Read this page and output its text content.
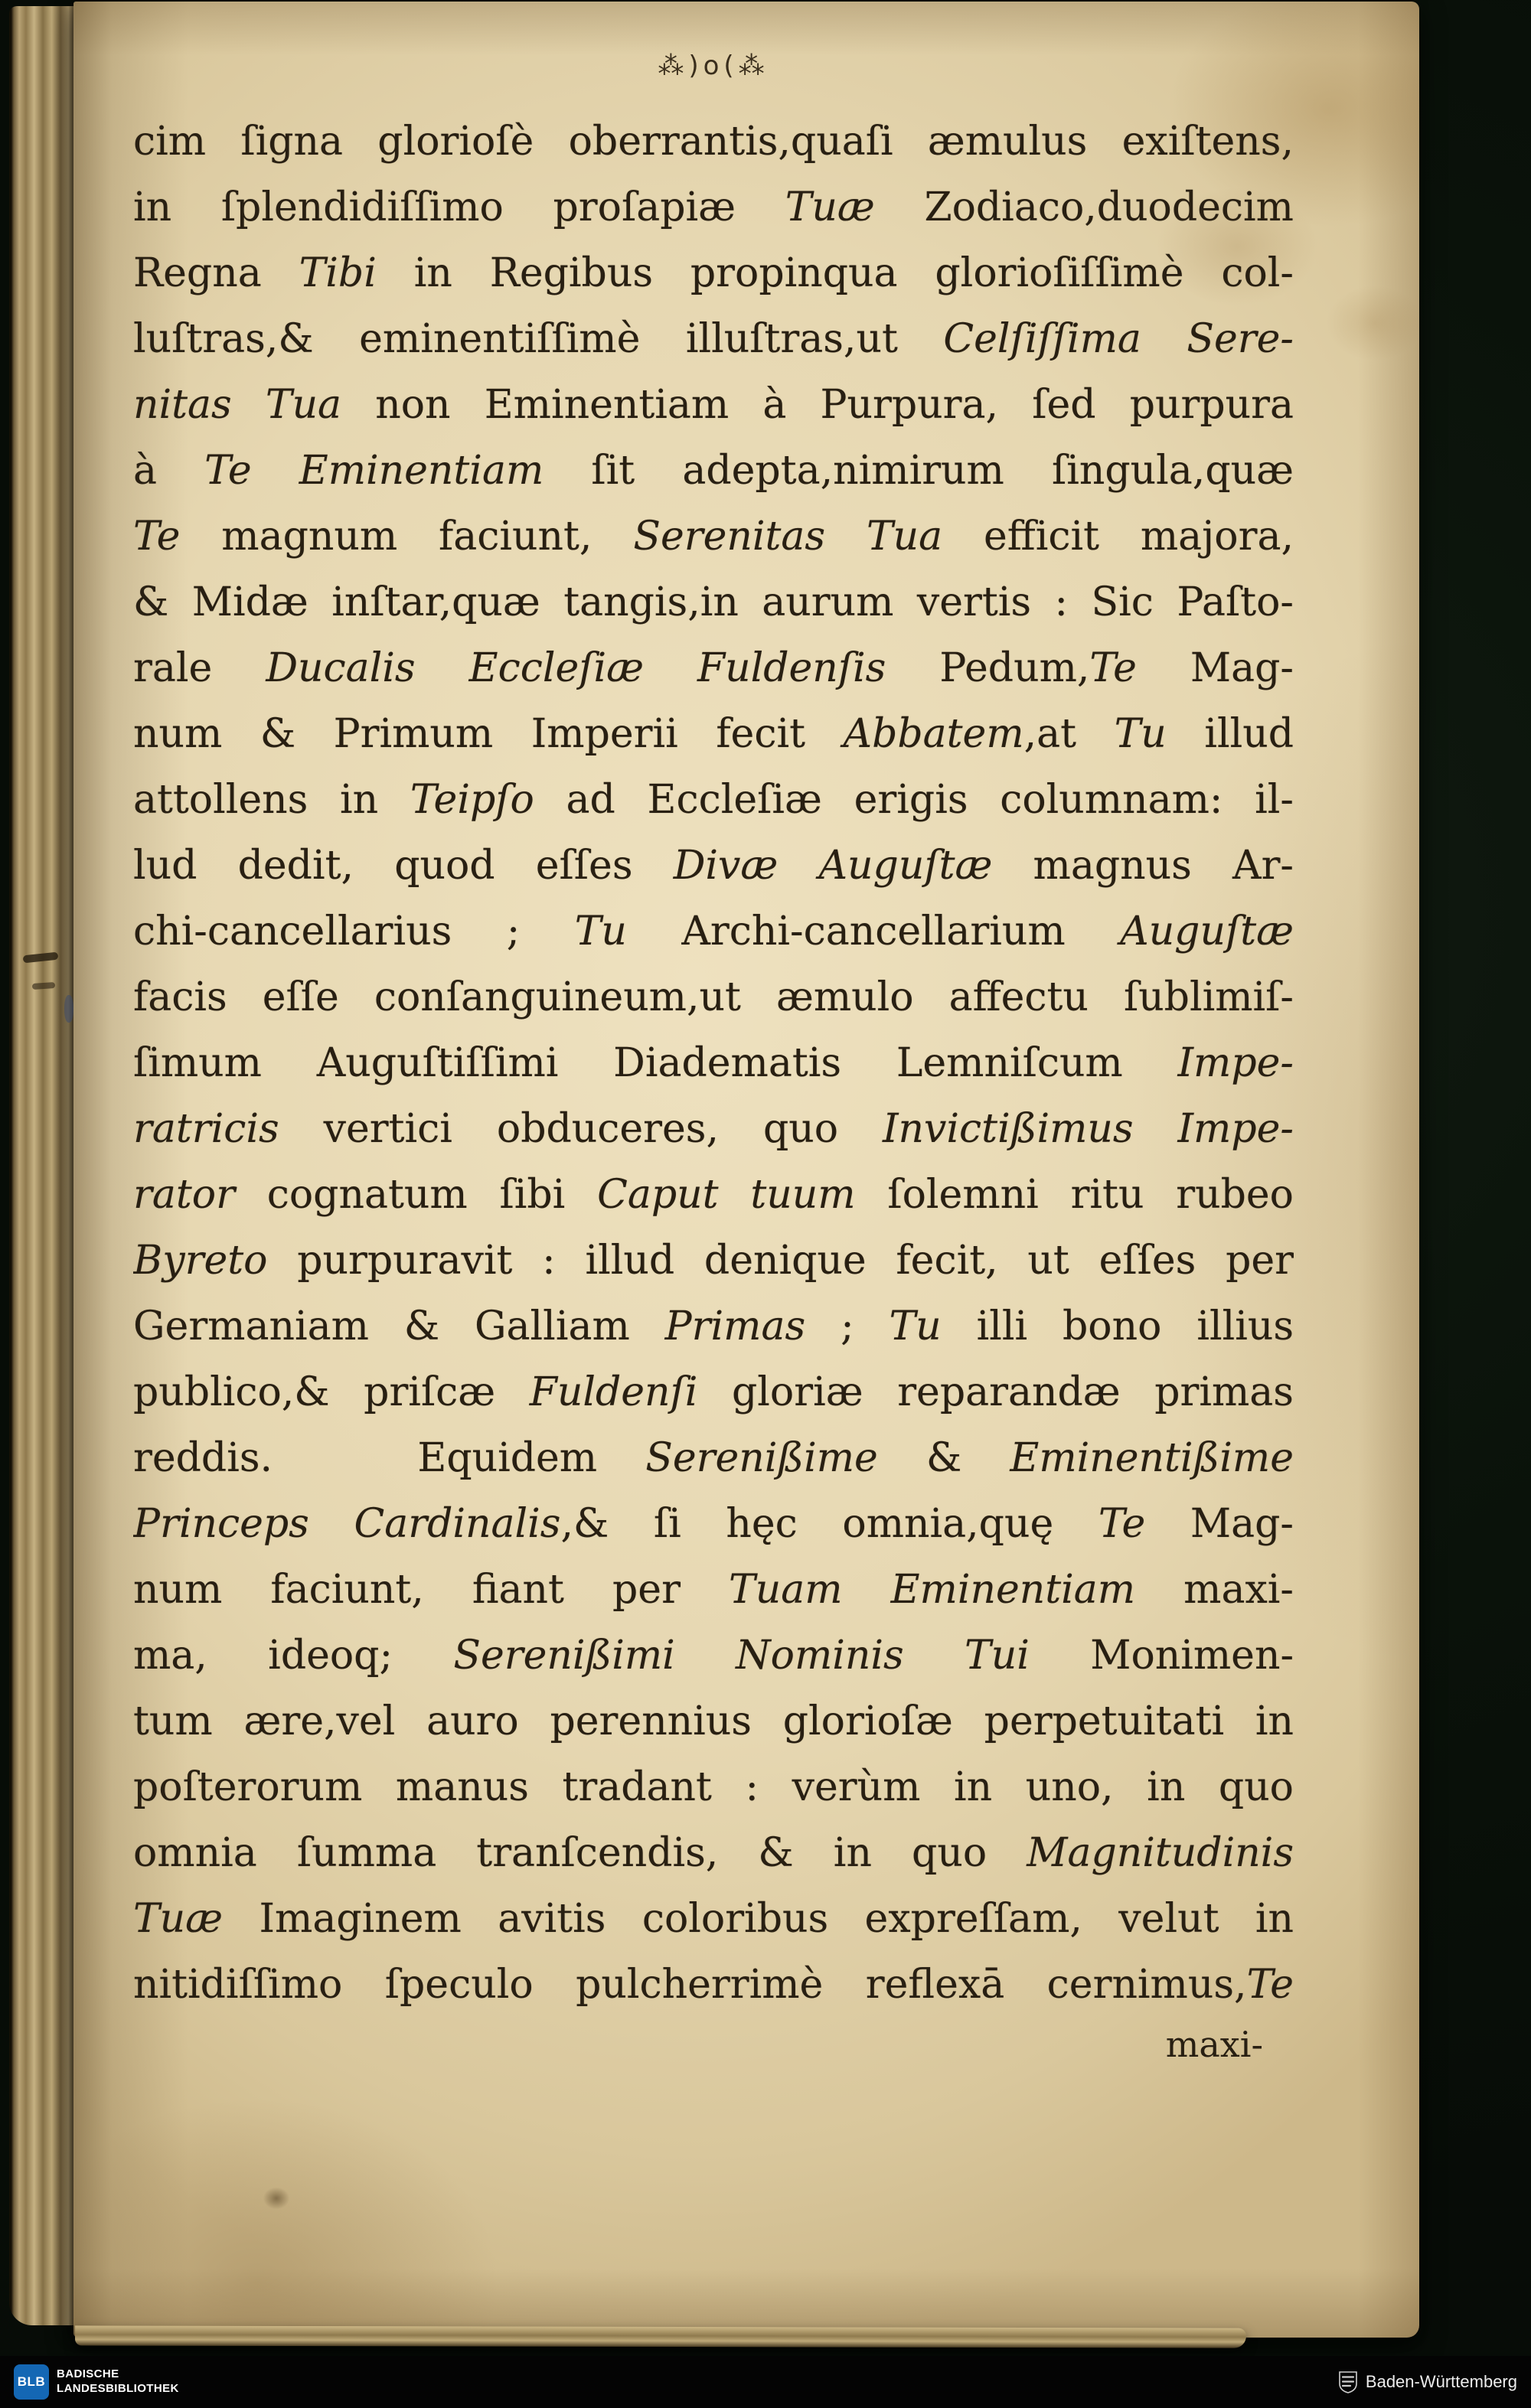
⁂)o(⁂
cim ſigna glorioſè oberrantis,quaſi æmulus exiſtens,
in ſplendidiſſimo proſapiæ Tuæ Zodiaco,duodecim
Regna Tibi in Regibus propinqua glorioſiſſimè col-
luſtras,& eminentiſſimè illuſtras,ut Celſiſſima Sere-
nitas Tua non Eminentiam à Purpura, ſed purpura
à Te Eminentiam ſit adepta,nimirum ſingula,quæ
Te magnum faciunt, Serenitas Tua efficit majora,
& Midæ inſtar,quæ tangis,in aurum vertis : Sic Paſto-
rale Ducalis Eccleſiæ Fuldenſis Pedum,Te Mag-
num & Primum Imperii fecit Abbatem,at Tu illud
attollens in Teipſo ad Eccleſiæ erigis columnam: il-
lud dedit, quod eſſes Divæ Auguſtæ magnus Ar-
chi-cancellarius ; Tu Archi-cancellarium Auguſtæ
facis eſſe conſanguineum,ut æmulo affectu ſublimiſ-
ſimum Auguſtiſſimi Diadematis Lemniſcum Impe-
ratricis vertici obduceres, quo Invictißimus Impe-
rator cognatum ſibi Caput tuum ſolemni ritu rubeo
Byreto purpuravit : illud denique fecit, ut eſſes per
Germaniam & Galliam Primas ; Tu illi bono illius
publico,& priſcæ Fuldenſi gloriæ reparandæ primas
reddis.   Equidem Serenißime & Eminentißime
Princeps Cardinalis,& ſi hęc omnia,quę Te Mag-
num faciunt, fiant per Tuam Eminentiam maxi-
ma, ideoq; Serenißimi Nominis Tui Monimen-
tum ære,vel auro perennius glorioſæ perpetuitati in
poſterorum manus tradant : verùm in uno, in quo
omnia ſumma tranſcendis, & in quo Magnitudinis
Tuæ Imaginem avitis coloribus expreſſam, velut in
nitidiſſimo ſpeculo pulcherrimè reflexā cernimus,Te
maxi-
BLB
BADISCHE
LANDESBIBLIOTHEK	Baden-Württemberg
